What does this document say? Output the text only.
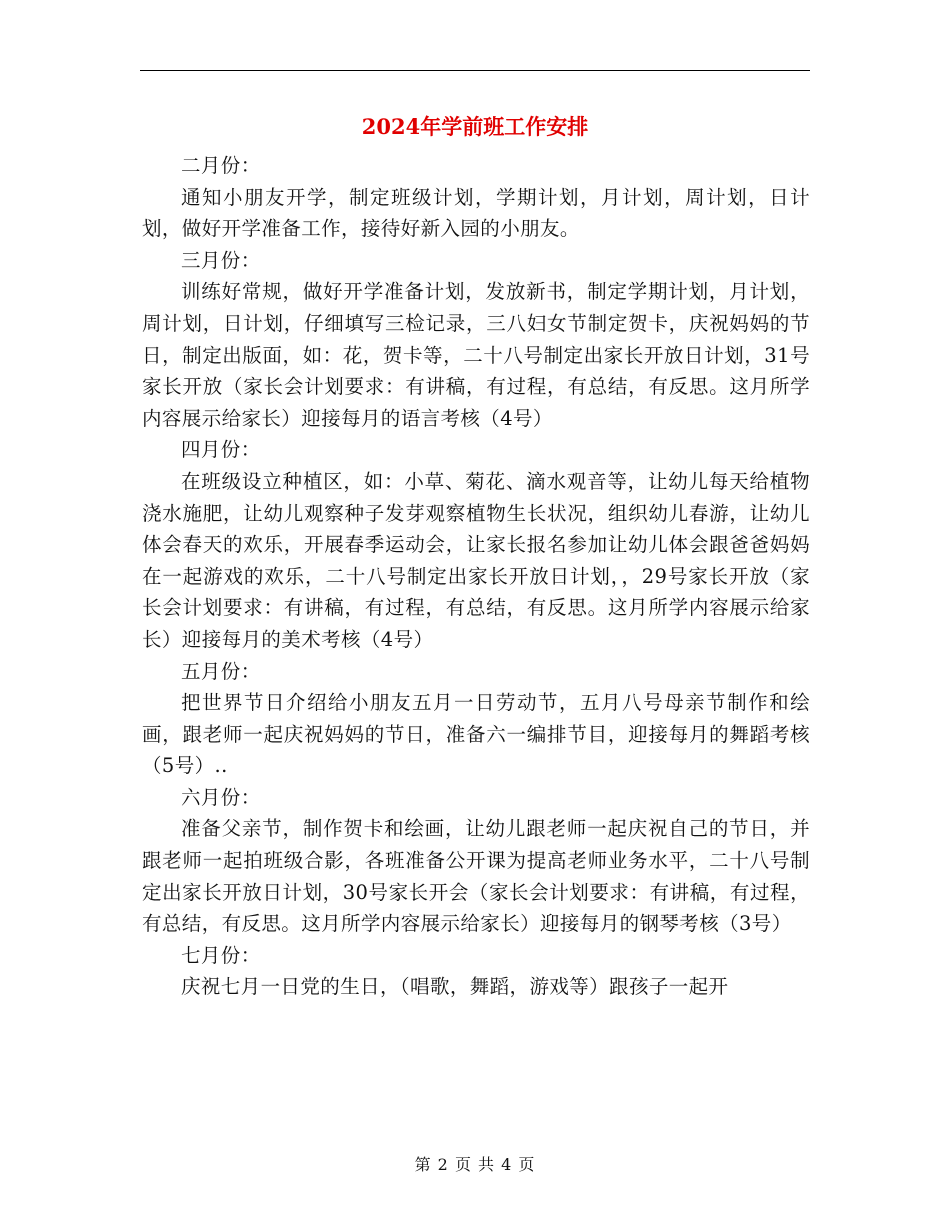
2024年学前班工作安排

二月份：

通知小朋友开学，制定班级计划，学期计划，月计划，周计划，日计划，做好开学准备工作，接待好新入园的小朋友。

三月份：

训练好常规，做好开学准备计划，发放新书，制定学期计划，月计划，周计划，日计划，仔细填写三检记录，三八妇女节制定贺卡，庆祝妈妈的节日，制定出版面，如：花，贺卡等，二十八号制定出家长开放日计划，31号家长开放（家长会计划要求：有讲稿，有过程，有总结，有反思。这月所学内容展示给家长）迎接每月的语言考核（4号）

四月份：

在班级设立种植区，如：小草、菊花、滴水观音等，让幼儿每天给植物浇水施肥，让幼儿观察种子发芽观察植物生长状况，组织幼儿春游，让幼儿体会春天的欢乐，开展春季运动会，让家长报名参加让幼儿体会跟爸爸妈妈在一起游戏的欢乐，二十八号制定出家长开放日计划，，29号家长开放（家长会计划要求：有讲稿，有过程，有总结，有反思。这月所学内容展示给家长）迎接每月的美术考核（4号）

五月份：

把世界节日介绍给小朋友五月一日劳动节，五月八号母亲节制作和绘画，跟老师一起庆祝妈妈的节日，准备六一编排节目，迎接每月的舞蹈考核（5号）..

六月份：

准备父亲节，制作贺卡和绘画，让幼儿跟老师一起庆祝自己的节日，并跟老师一起拍班级合影，各班准备公开课为提高老师业务水平，二十八号制定出家长开放日计划，30号家长开会（家长会计划要求：有讲稿，有过程，有总结，有反思。这月所学内容展示给家长）迎接每月的钢琴考核（3号）

七月份：

庆祝七月一日党的生日，（唱歌，舞蹈，游戏等）跟孩子一起开

第 2 页 共 4 页
